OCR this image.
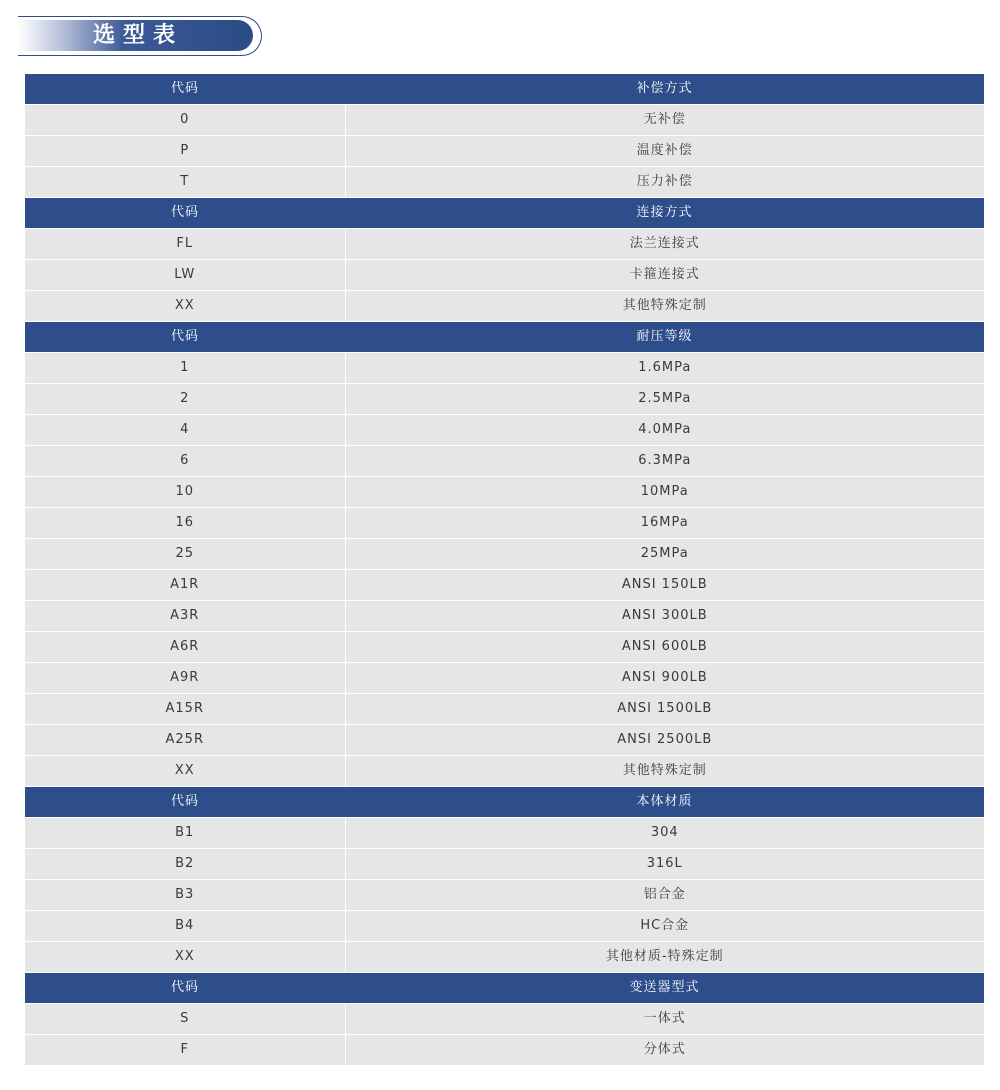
选型表
代码	补偿方式
0	无补偿
P	温度补偿
T	压力补偿
代码	连接方式
FL	法兰连接式
LW	卡箍连接式
XX	其他特殊定制
代码	耐压等级
1	1.6MPa
2	2.5MPa
4	4.0MPa
6	6.3MPa
10	10MPa
16	16MPa
25	25MPa
A1R	ANSI 150LB
A3R	ANSI 300LB
A6R	ANSI 600LB
A9R	ANSI 900LB
A15R	ANSI 1500LB
A25R	ANSI 2500LB
XX	其他特殊定制
代码	本体材质
B1	304
B2	316L
B3	铝合金
B4	HC合金
XX	其他材质-特殊定制
代码	变送器型式
S	一体式
F	分体式
